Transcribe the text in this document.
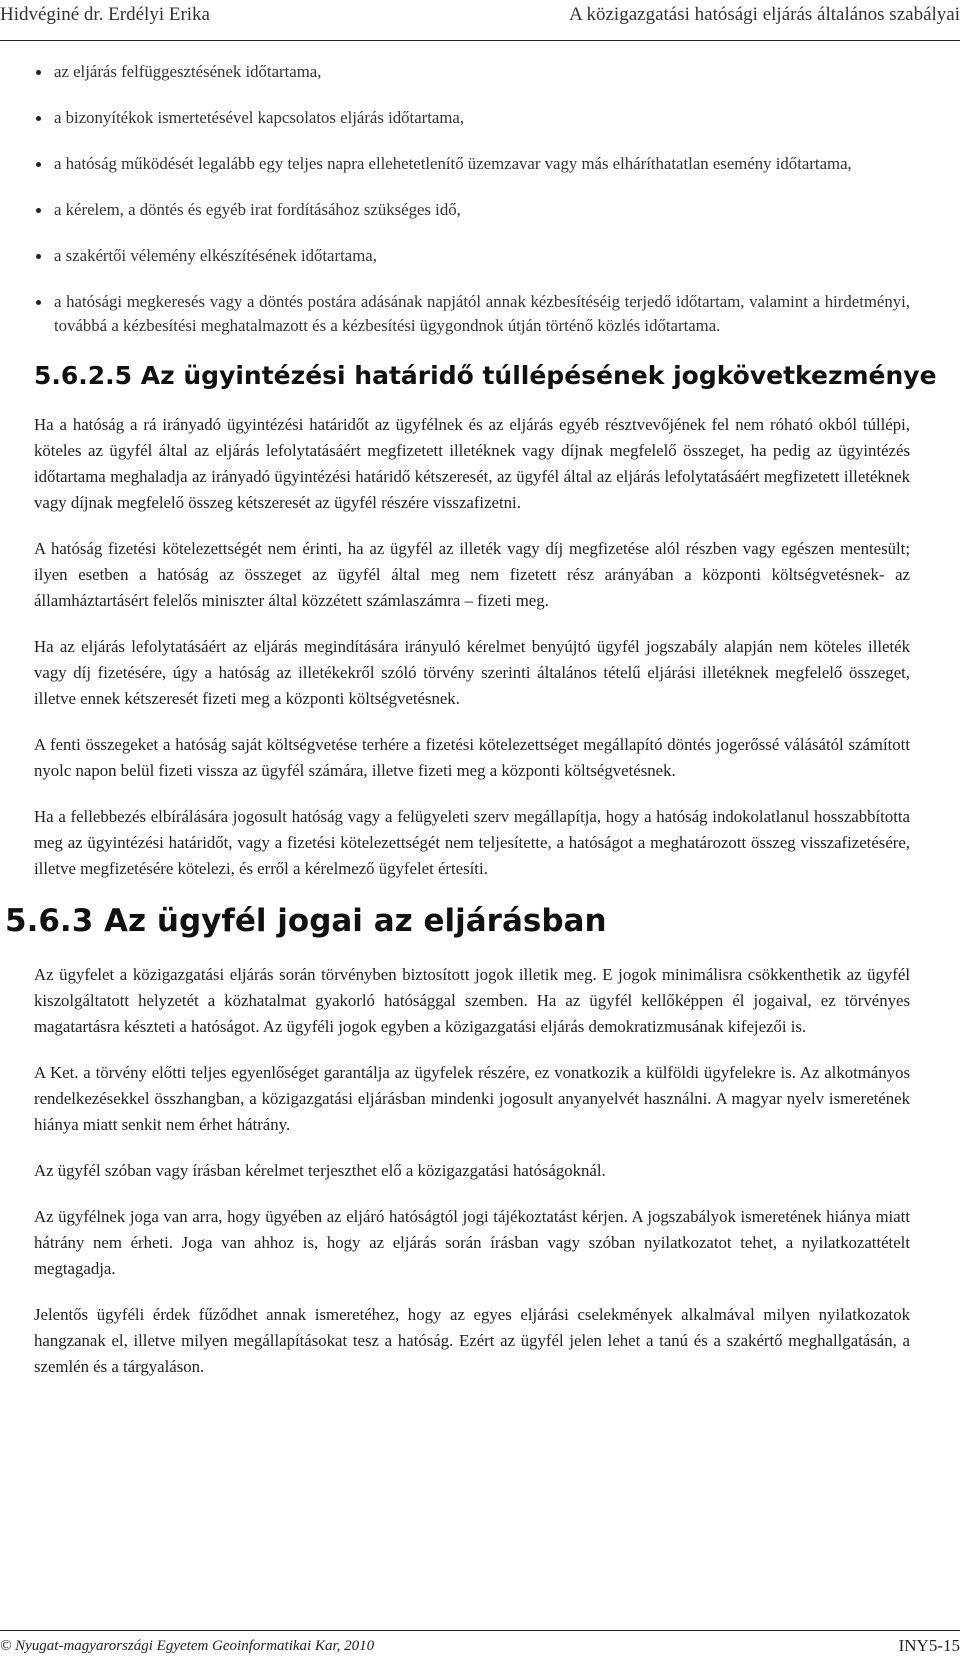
Hidvéginé dr. Erdélyi Erika	A közigazgatási hatósági eljárás általános szabályai
az eljárás felfüggesztésének időtartama,
a bizonyítékok ismertetésével kapcsolatos eljárás időtartama,
a hatóság működését legalább egy teljes napra ellehetetlenítő üzemzavar vagy más elháríthatatlan esemény időtartama,
a kérelem, a döntés és egyéb irat fordításához szükséges idő,
a szakértői vélemény elkészítésének időtartama,
a hatósági megkeresés vagy a döntés postára adásának napjától annak kézbesítéséig terjedő időtartam, valamint a hirdetményi, továbbá a kézbesítési meghatalmazott és a kézbesítési ügygondnok útján történő közlés időtartama.
5.6.2.5 Az ügyintézési határidő túllépésének jogkövetkezménye

Ha a hatóság a rá irányadó ügyintézési határidőt az ügyfélnek és az eljárás egyéb résztvevőjének fel nem róható okból túllépi, köteles az ügyfél által az eljárás lefolytatásáért megfizetett illetéknek vagy díjnak megfelelő összeget, ha pedig az ügyintézés időtartama meghaladja az irányadó ügyintézési határidő kétszeresét, az ügyfél által az eljárás lefolytatásáért megfizetett illetéknek vagy díjnak megfelelő összeg kétszeresét az ügyfél részére visszafizetni.

A hatóság fizetési kötelezettségét nem érinti, ha az ügyfél az illeték vagy díj megfizetése alól részben vagy egészen mentesült; ilyen esetben a hatóság az összeget az ügyfél által meg nem fizetett rész arányában a központi költségvetésnek- az államháztartásért felelős miniszter által közzétett számlaszámra – fizeti meg.

Ha az eljárás lefolytatásáért az eljárás megindítására irányuló kérelmet benyújtó ügyfél jogszabály alapján nem köteles illeték vagy díj fizetésére, úgy a hatóság az illetékekről szóló törvény szerinti általános tételű eljárási illetéknek megfelelő összeget, illetve ennek kétszeresét fizeti meg a központi költségvetésnek.

A fenti összegeket a hatóság saját költségvetése terhére a fizetési kötelezettséget megállapító döntés jogerőssé válásától számított nyolc napon belül fizeti vissza az ügyfél számára, illetve fizeti meg a központi költségvetésnek.

Ha a fellebbezés elbírálására jogosult hatóság vagy a felügyeleti szerv megállapítja, hogy a hatóság indokolatlanul hosszabbította meg az ügyintézési határidőt, vagy a fizetési kötelezettségét nem teljesítette, a hatóságot a meghatározott összeg visszafizetésére, illetve megfizetésére kötelezi, és erről a kérelmező ügyfelet értesíti.

5.6.3 Az ügyfél jogai az eljárásban

Az ügyfelet a közigazgatási eljárás során törvényben biztosított jogok illetik meg. E jogok minimálisra csökkenthetik az ügyfél kiszolgáltatott helyzetét a közhatalmat gyakorló hatósággal szemben. Ha az ügyfél kellőképpen él jogaival, ez törvényes magatartásra készteti a hatóságot. Az ügyféli jogok egyben a közigazgatási eljárás demokratizmusának kifejezői is.

A Ket. a törvény előtti teljes egyenlőséget garantálja az ügyfelek részére, ez vonatkozik a külföldi ügyfelekre is. Az alkotmányos rendelkezésekkel összhangban, a közigazgatási eljárásban mindenki jogosult anyanyelvét használni. A magyar nyelv ismeretének hiánya miatt senkit nem érhet hátrány.

Az ügyfél szóban vagy írásban kérelmet terjeszthet elő a közigazgatási hatóságoknál.

Az ügyfélnek joga van arra, hogy ügyében az eljáró hatóságtól jogi tájékoztatást kérjen. A jogszabályok ismeretének hiánya miatt hátrány nem érheti. Joga van ahhoz is, hogy az eljárás során írásban vagy szóban nyilatkozatot tehet, a nyilatkozattételt megtagadja.

Jelentős ügyféli érdek fűződhet annak ismeretéhez, hogy az egyes eljárási cselekmények alkalmával milyen nyilatkozatok hangzanak el, illetve milyen megállapításokat tesz a hatóság. Ezért az ügyfél jelen lehet a tanú és a szakértő meghallgatásán, a szemlén és a tárgyaláson.

© Nyugat-magyarországi Egyetem Geoinformatikai Kar, 2010	INY5-15
